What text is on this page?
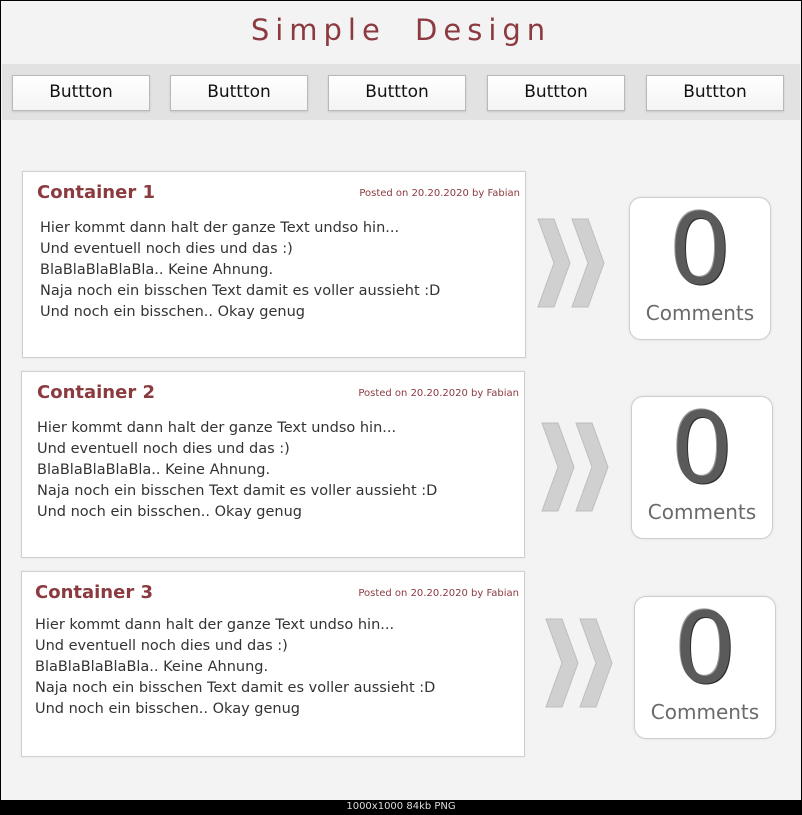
Simple Design
Buttton	Buttton	Buttton	Buttton	Buttton
Container 1	Posted on 20.20.2020 by Fabian
Hier kommt dann halt der ganze Text undso hin...
Und eventuell noch dies und das :)
BlaBlaBlaBlaBla.. Keine Ahnung.
Naja noch ein bisschen Text damit es voller aussieht :D
Und noch ein bisschen.. Okay genug
0
Comments
Container 2	Posted on 20.20.2020 by Fabian
Hier kommt dann halt der ganze Text undso hin...
Und eventuell noch dies und das :)
BlaBlaBlaBlaBla.. Keine Ahnung.
Naja noch ein bisschen Text damit es voller aussieht :D
Und noch ein bisschen.. Okay genug
0
Comments
Container 3	Posted on 20.20.2020 by Fabian
Hier kommt dann halt der ganze Text undso hin...
Und eventuell noch dies und das :)
BlaBlaBlaBlaBla.. Keine Ahnung.
Naja noch ein bisschen Text damit es voller aussieht :D
Und noch ein bisschen.. Okay genug
0
Comments
1000x1000 84kb PNG
